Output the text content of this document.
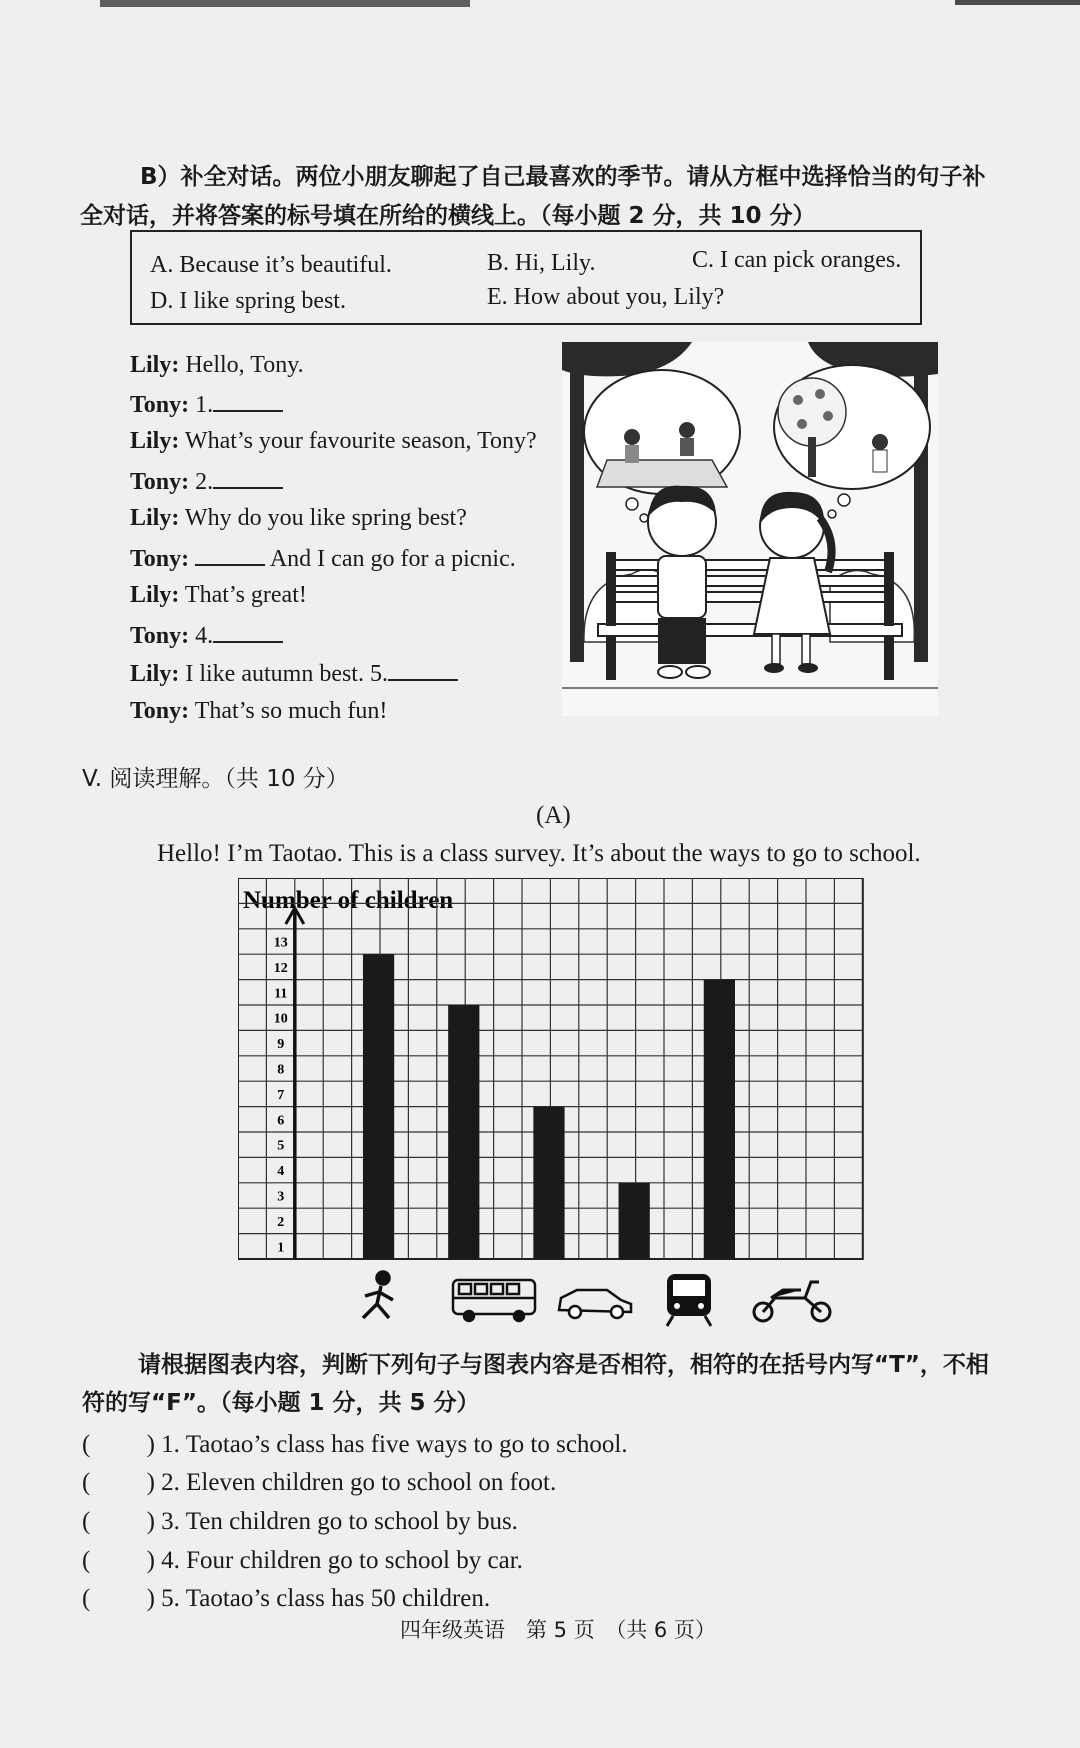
B）补全对话。两位小朋友聊起了自己最喜欢的季节。请从方框中选择恰当的句子补
全对话，并将答案的标号填在所给的横线上。（每小题 2 分，共 10 分）
A. Because it’s beautiful.	B. Hi, Lily.	C. I can pick oranges.
D. I like spring best.	E. How about you, Lily?
Lily: Hello, Tony.
Tony: 1.
Lily: What’s your favourite season, Tony?
Tony: 2.
Lily: Why do you like spring best?
Tony:	And I can go for a picnic.
Lily: That’s great!
Tony: 4.
Lily: I like autumn best. 5.
Tony: That’s so much fun!
V. 阅读理解。（共 10 分）
(A)
Hello! I’m Taotao. This is a class survey. It’s about the ways to go to school.
Number of children
1
2
3
4
5
6
7
8
9
10
11
12
13
请根据图表内容，判断下列句子与图表内容是否相符，相符的在括号内写“T”，不相
符的写“F”。（每小题 1 分，共 5 分）
( 　　) 1. Taotao’s class has five ways to go to school.
( 　　) 2. Eleven children go to school on foot.
( 　　) 3. Ten children go to school by bus.
( 　　) 4. Four children go to school by car.
( 　　) 5. Taotao’s class has 50 children.
四年级英语　第 5 页　（共 6 页）
